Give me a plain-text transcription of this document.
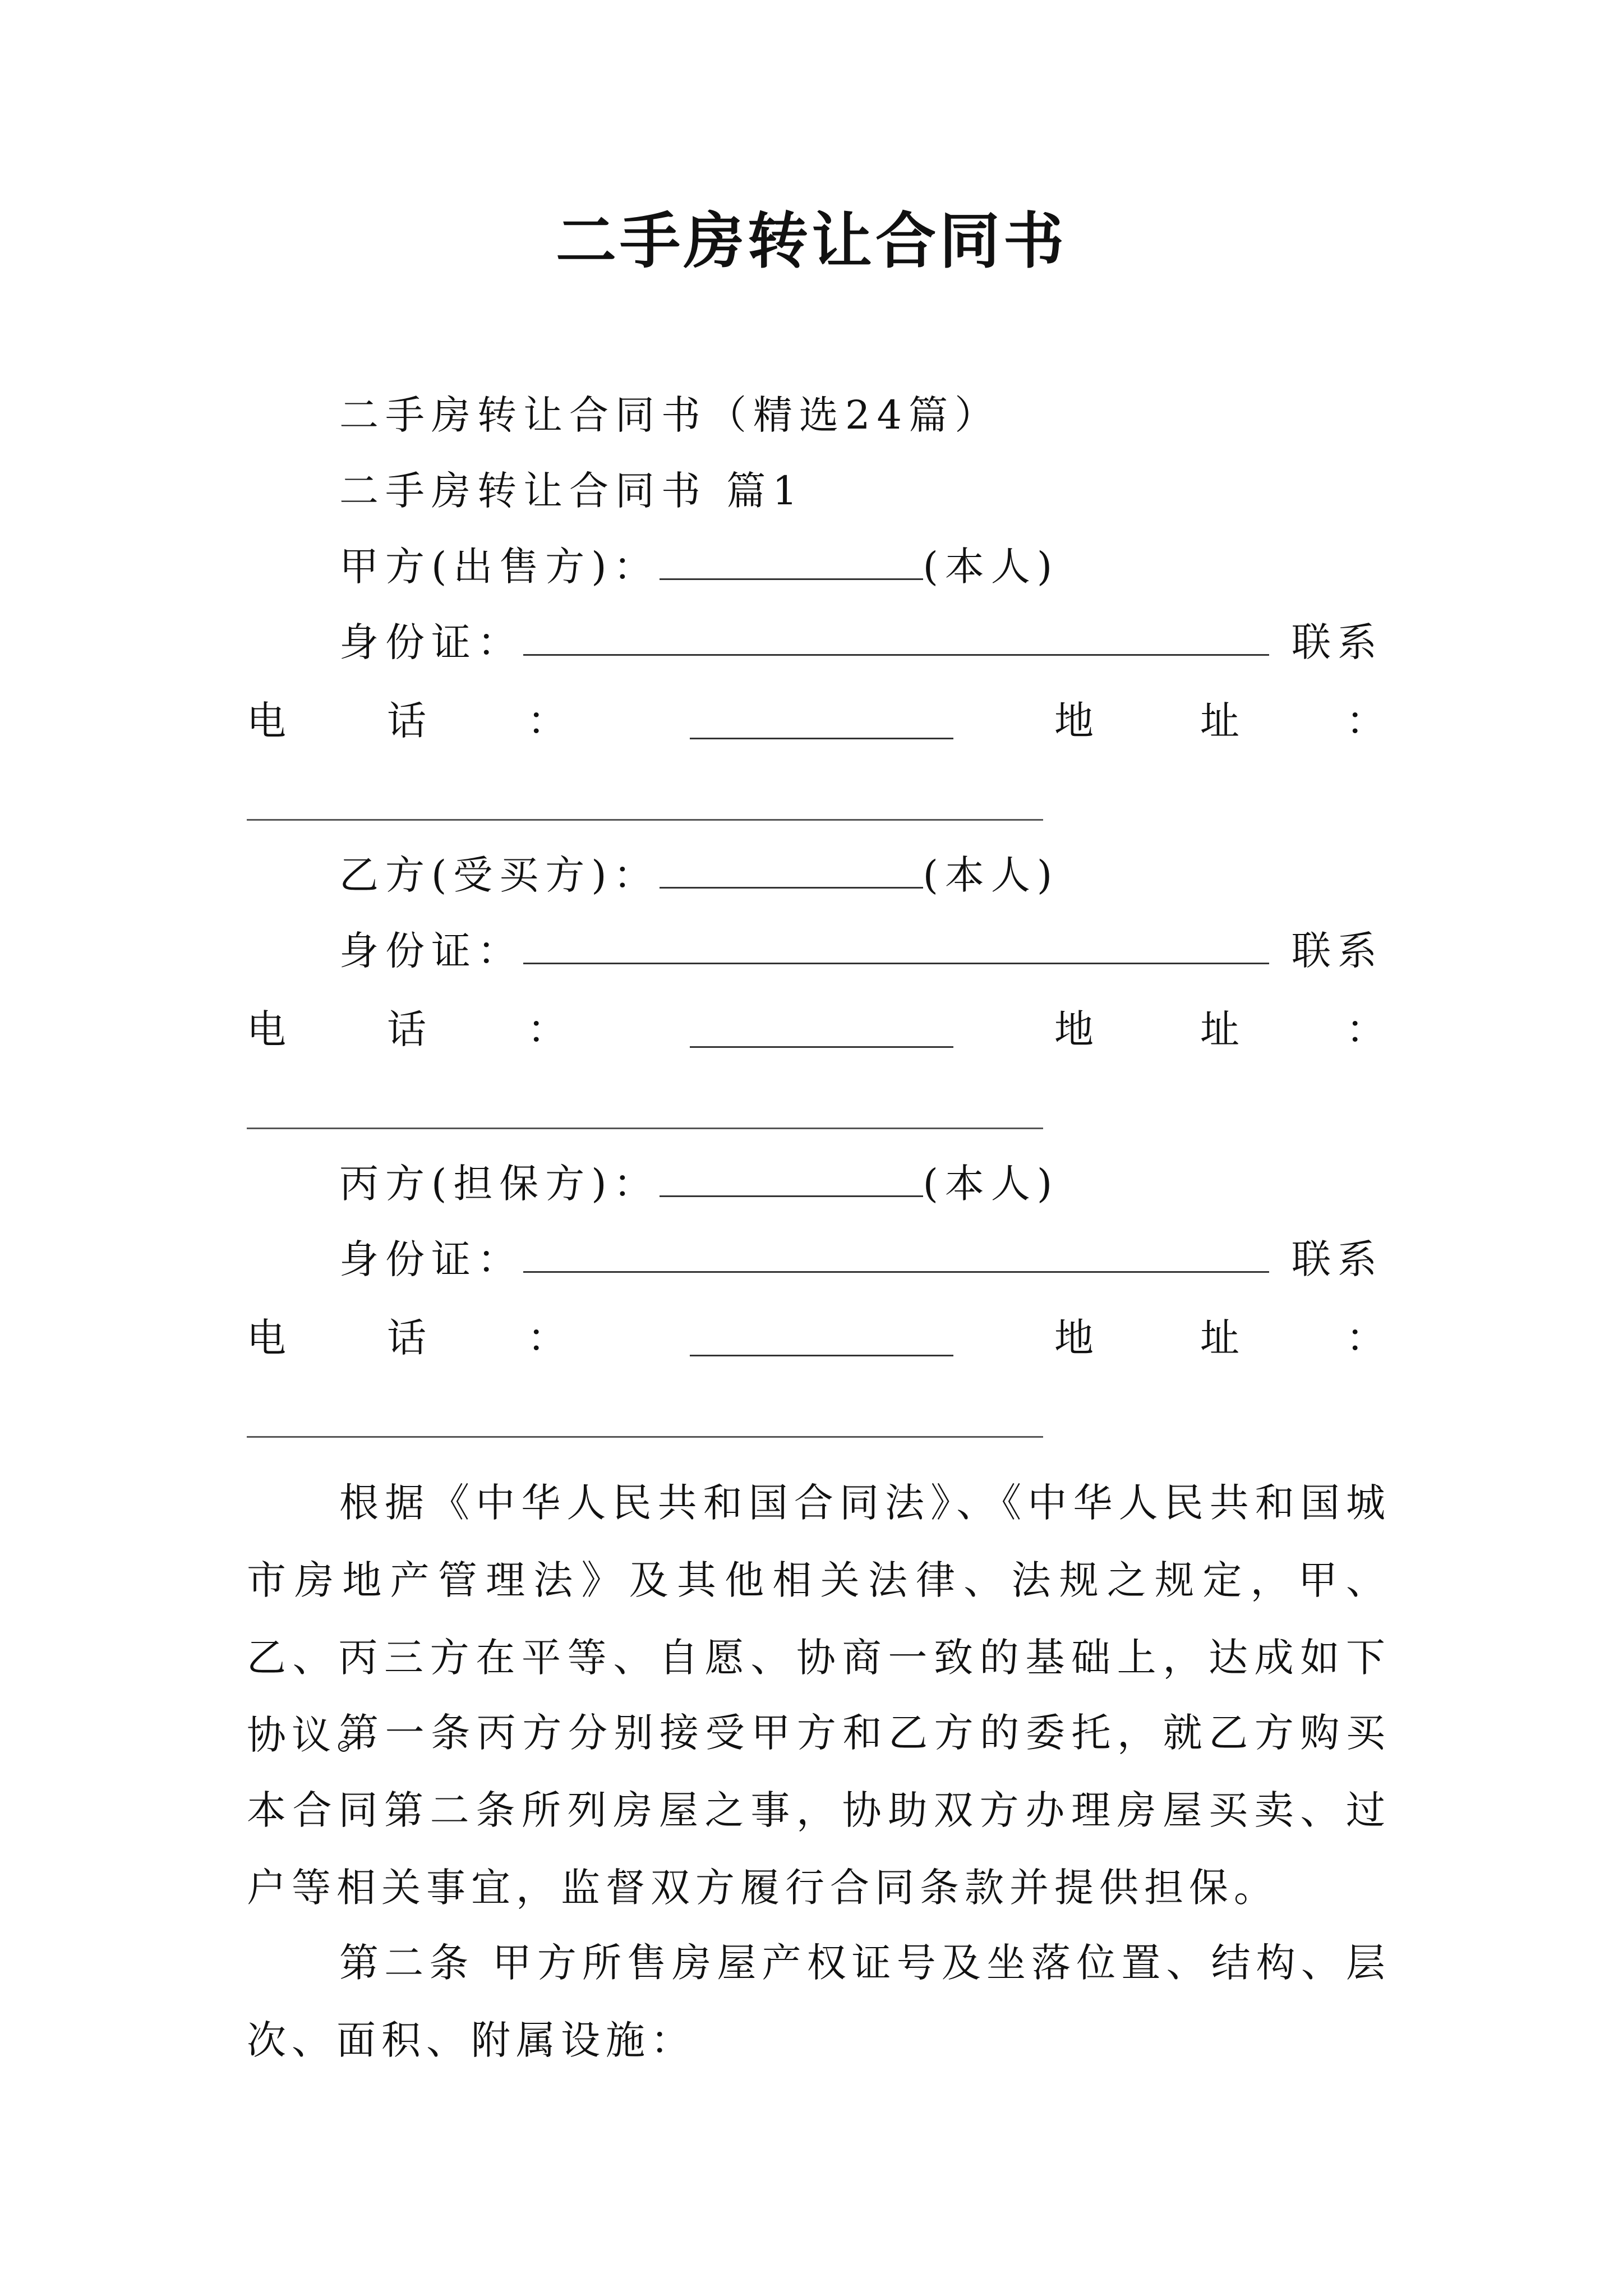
二手房转让合同书
二手房转让合同书（精选24篇）
二手房转让合同书 篇1
甲方(出售方)：	(本人)
身份证：	联系
电	话	：	地	址	：
乙方(受买方)：	(本人)
身份证：	联系
电	话	：	地	址	：
丙方(担保方)：	(本人)
身份证：	联系
电	话	：	地	址	：
根据《中华人民共和国合同法》、《中华人民共和国城市房地产管理法》及其他相关法律、法规之规定，甲、乙、丙三方在平等、自愿、协商一致的基础上，达成如下协议。
第一条丙方分别接受甲方和乙方的委托，就乙方购买本合同第二条所列房屋之事，协助双方办理房屋买卖、过户等相关事宜，监督双方履行合同条款并提供担保。
第二条 甲方所售房屋产权证号及坐落位置、结构、层次、面积、附属设施：
